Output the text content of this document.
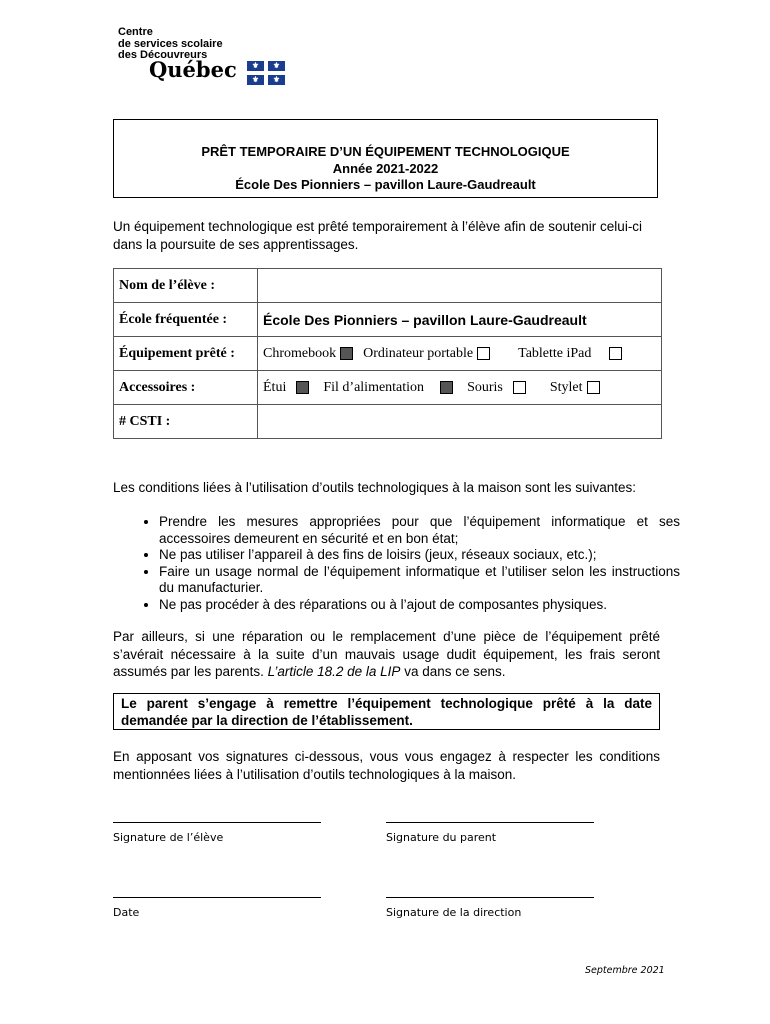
Centre
de services scolaire
des Découvreurs
Québec	⚜	⚜
⚜	⚜
PRÊT TEMPORAIRE D’UN ÉQUIPEMENT TECHNOLOGIQUE
Année 2021-2022
École Des Pionniers – pavillon Laure-Gaudreault
Un équipement technologique est prêté temporairement à l’élève afin de soutenir celui-ci dans la poursuite de ses apprentissages.
Nom de l’élève :	
École fréquentée :	École Des Pionniers – pavillon Laure-Gaudreault
Équipement prêté :	Chromebook Ordinateur portable Tablette iPad

Accessoires :	Étui Fil d’alimentation Souris Stylet

# CSTI :	
Les conditions liées à l’utilisation d’outils technologiques à la maison sont les suivantes:
• Prendre les mesures appropriées pour que l’équipement informatique et ses accessoires demeurent en sécurité et en bon état;
• Ne pas utiliser l’appareil à des fins de loisirs (jeux, réseaux sociaux, etc.);
• Faire un usage normal de l’équipement informatique et l’utiliser selon les instructions du manufacturier.
• Ne pas procéder à des réparations ou à l’ajout de composantes physiques.
Par ailleurs, si une réparation ou le remplacement d’une pièce de l’équipement prêté s’avérait nécessaire à la suite d’un mauvais usage dudit équipement, les frais seront assumés par les parents. L’article 18.2 de la LIP va dans ce sens.
Le parent s’engage à remettre l’équipement technologique prêté à la date demandée par la direction de l’établissement.
En apposant vos signatures ci-dessous, vous vous engagez à respecter les conditions mentionnées liées à l’utilisation d’outils technologiques à la maison.
Signature de l’élève	Signature du parent
Date	Signature de la direction
Septembre 2021
